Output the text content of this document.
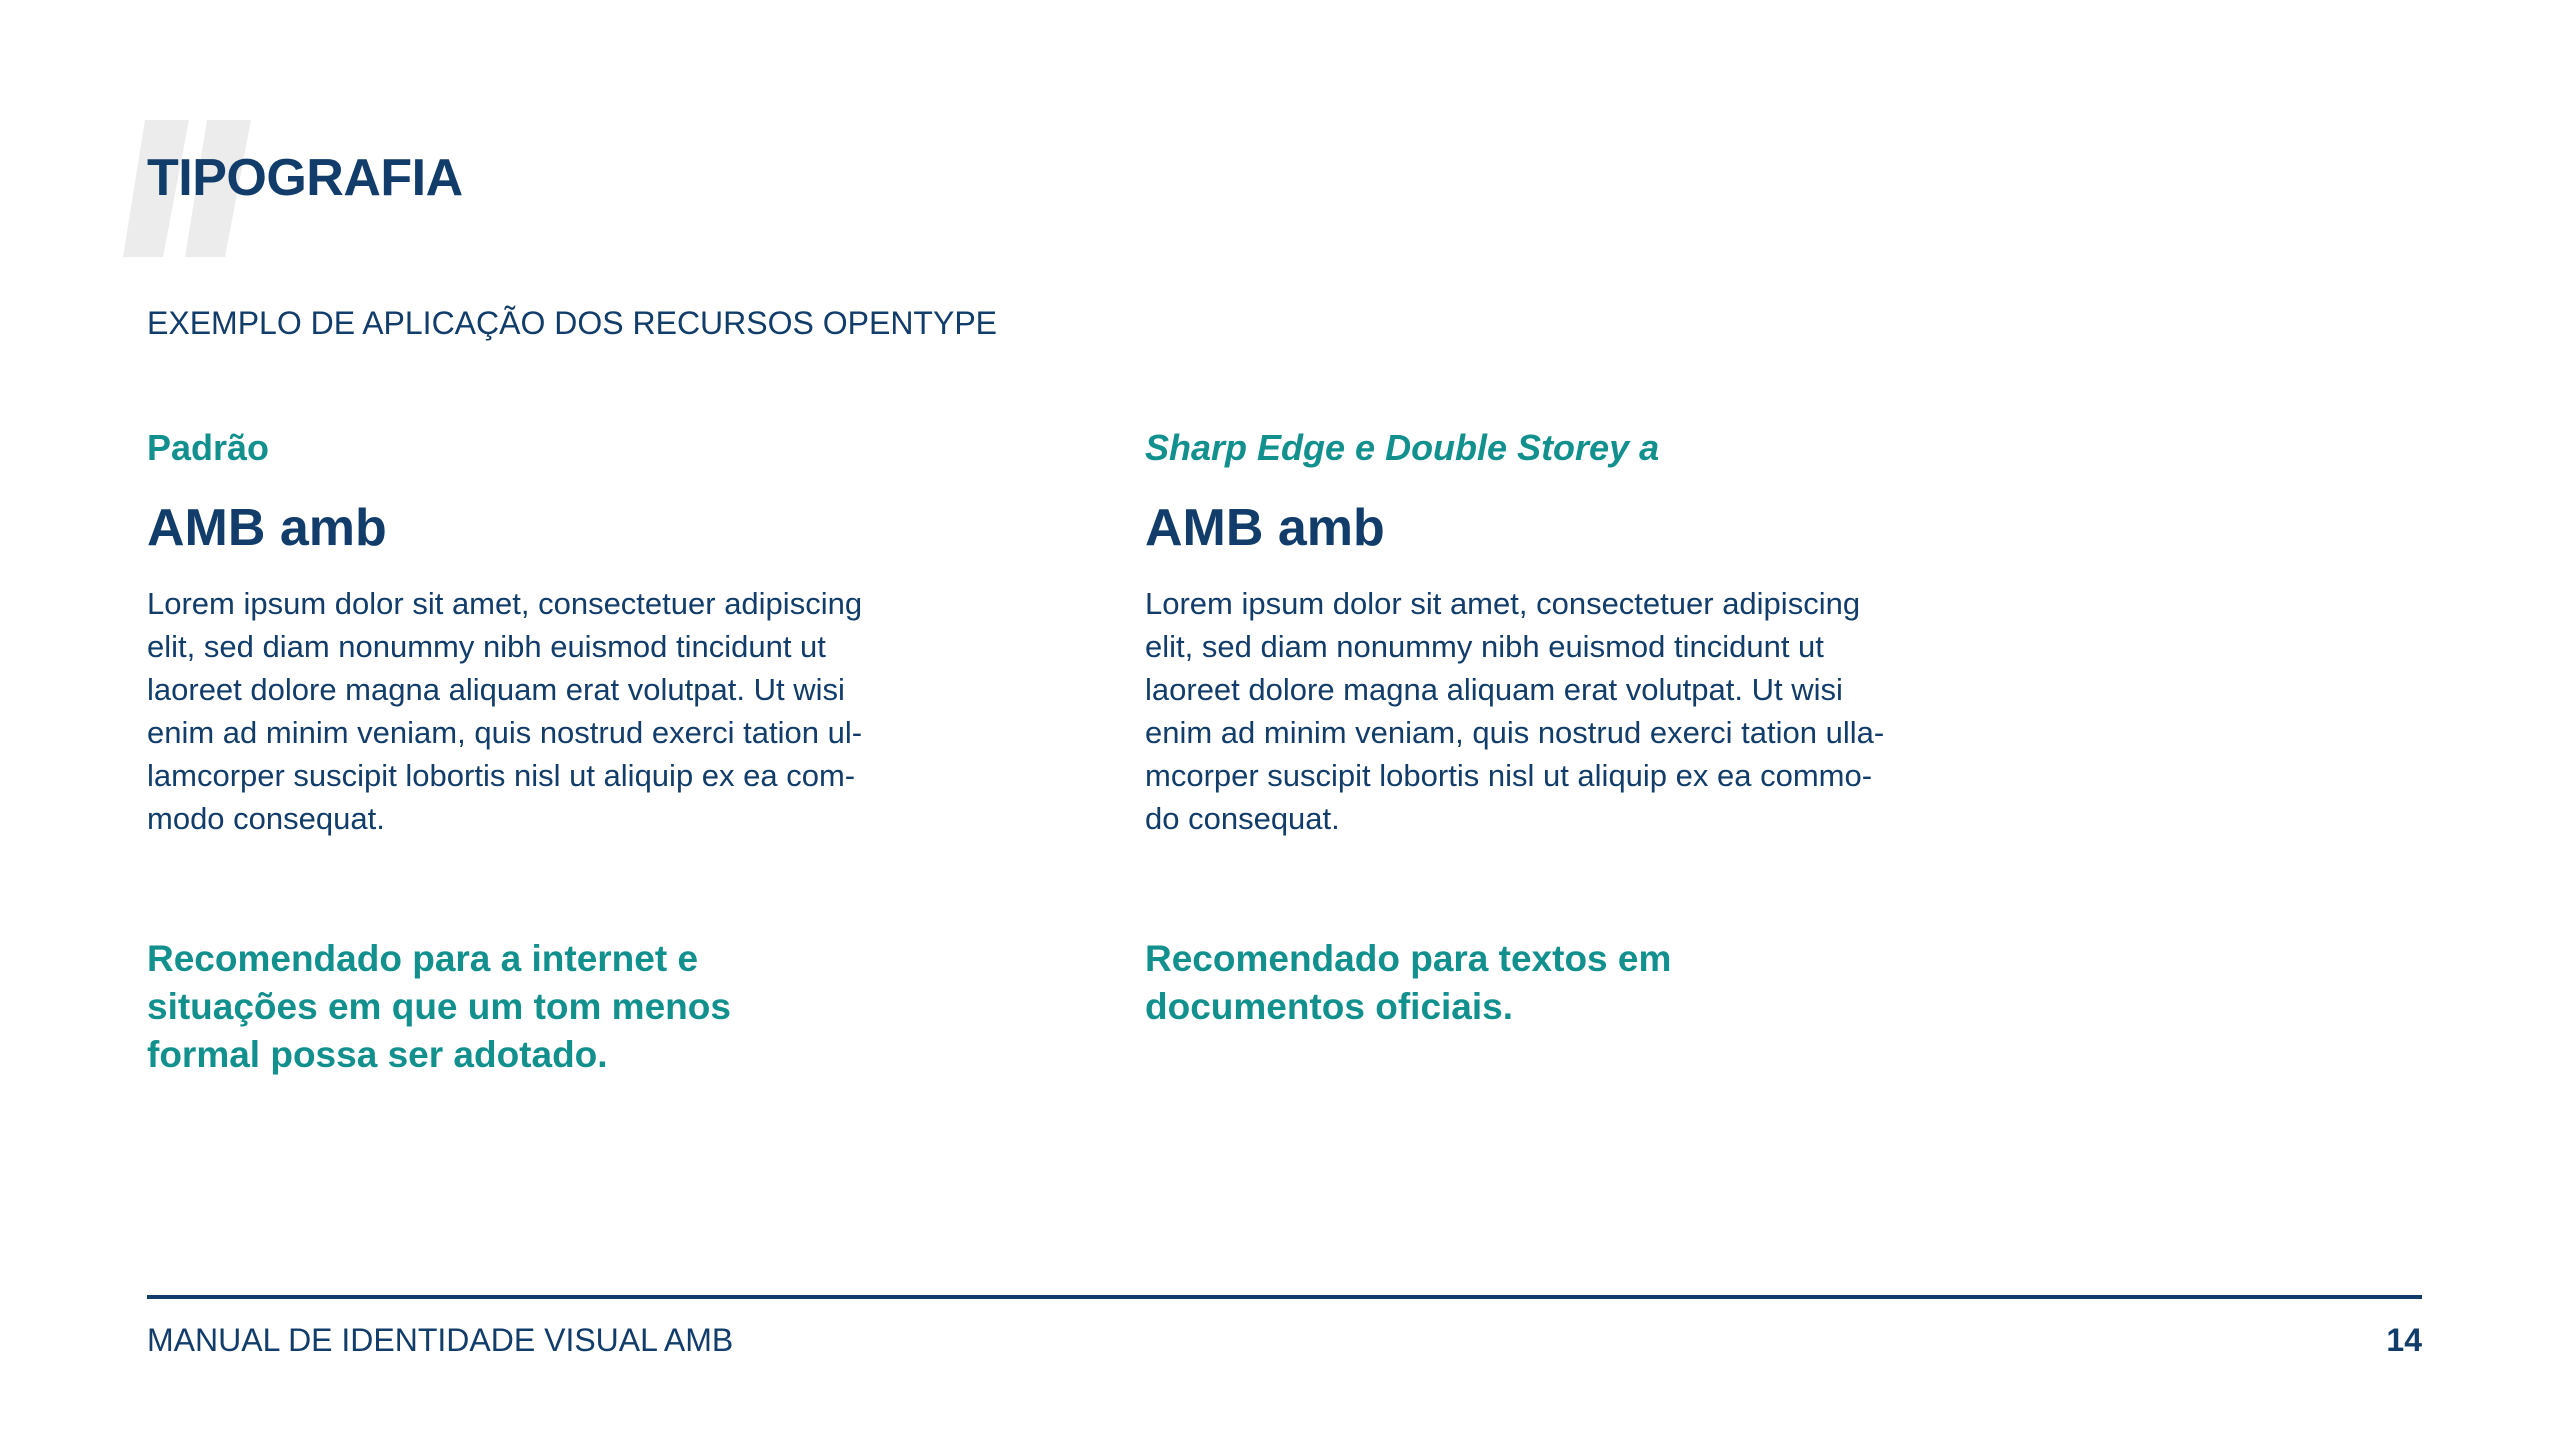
TIPOGRAFIA
EXEMPLO DE APLICAÇÃO DOS RECURSOS OPENTYPE
Padrão
AMB amb
Lorem ipsum dolor sit amet, consectetuer adipiscing
elit, sed diam nonummy nibh euismod tincidunt ut
laoreet dolore magna aliquam erat volutpat. Ut wisi
enim ad minim veniam, quis nostrud exerci tation ul-
lamcorper suscipit lobortis nisl ut aliquip ex ea com-
modo consequat.
Recomendado para a internet e
situações em que um tom menos
formal possa ser adotado.
Sharp Edge e Double Storey a
AMB amb
Lorem ipsum dolor sit amet, consectetuer adipiscing
elit, sed diam nonummy nibh euismod tincidunt ut
laoreet dolore magna aliquam erat volutpat. Ut wisi
enim ad minim veniam, quis nostrud exerci tation ulla-
mcorper suscipit lobortis nisl ut aliquip ex ea commo-
do consequat.
Recomendado para textos em
documentos oficiais.
MANUAL DE IDENTIDADE VISUAL AMB	14
